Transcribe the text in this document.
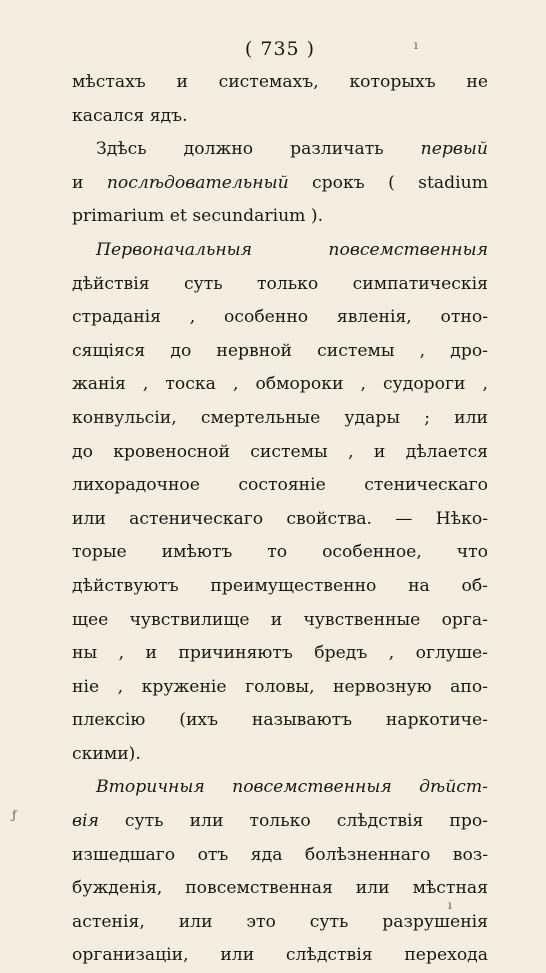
( 735 )
мѣстахъ и системахъ, которыхъ не
касался ядъ.
Здѣсь должно различать первый
и послѣдовательный срокъ ( stadium
primarium et secundarium ).
Первоначальныя повсемственныя
дѣйствія суть только симпатическія
страданія , особенно явленія, отно-
сящіяся до нервной системы , дро-
жанія , тоска , обмороки , судороги ,
конвульсіи, смертельные удары ; или
до кровеносной системы , и дѣлается
лихорадочное состояніе стеническаго
или астеническаго свойства. — Нѣко-
торые имѣютъ то особенное, что
дѣйствуютъ преимущественно на об-
щее чувствилище и чувственные орга-
ны , и причиняютъ бредъ , оглуше-
ніе , круженіе головы, нервозную апо-
плексію (ихъ называютъ наркотиче-
скими).
Вторичныя повсемственныя дѣйст-
вія суть или только слѣдствія про-
изшедшаго отъ яда болѣзненнаго воз-
бужденія, повсемственная или мѣстная
астенія, или это суть разрушенія
организаціи, или слѣдствія перехода
ı
ƒ
ı
